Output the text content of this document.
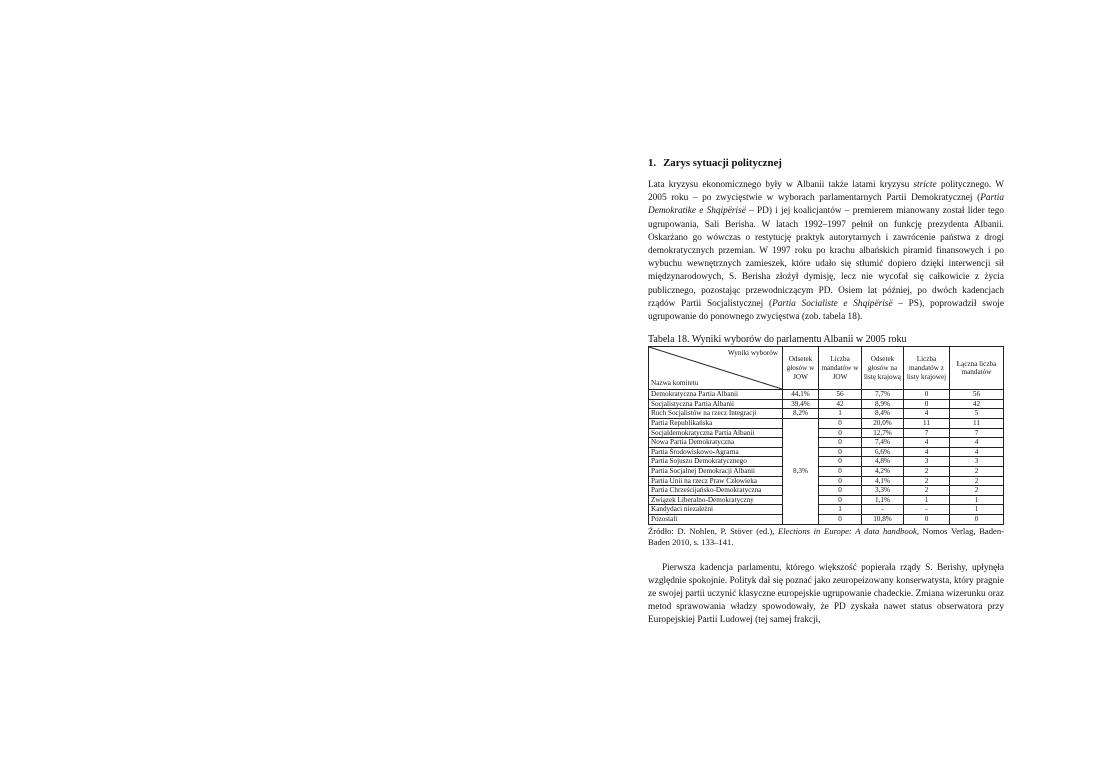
1. Zarys sytuacji politycznej

Lata kryzysu ekonomicznego były w Albanii także latami kryzysu stricte politycznego. W 2005 roku – po zwycięstwie w wyborach parlamentarnych Partii Demokratycznej (Partia Demokratike e Shqipërisë – PD) i jej koalicjantów – premierem mianowany został lider tego ugrupowania, Sali Berisha. W latach 1992–1997 pełnił on funkcję prezydenta Albanii. Oskarżano go wówczas o restytucję praktyk autorytarnych i zawrócenie państwa z drogi demokratycznych przemian. W 1997 roku po krachu albańskich piramid finansowych i po wybuchu wewnętrznych zamieszek, które udało się stłumić dopiero dzięki interwencji sił międzynarodowych, S. Berisha złożył dymisję, lecz nie wycofał się całkowicie z życia publicznego, pozostając przewodniczącym PD. Osiem lat później, po dwóch kadencjach rządów Partii Socjalistycznej (Partia Socialiste e Shqipërisë – PS), poprowadził swoje ugrupowanie do ponownego zwycięstwa (zob. tabela 18).

Tabela 18. Wyniki wyborów do parlamentu Albanii w 2005 roku

Wyniki wyborów
Nazwa komitetu	Odsetek głosów w JOW	Liczba mandatów w JOW	Odsetek głosów na listę krajową	Liczba mandatów z listy krajowej	Łączna liczba mandatów
Demokratyczna Partia Albanii	44,1%	56	7,7%	0	56
Socjalistyczna Partia Albanii	39,4%	42	8,9%	0	42
Ruch Socjalistów na rzecz Integracji	8,2%	1	8,4%	4	5
Partia Republikańska	8,3%	0	20,0%	11	11
Socjaldemokratyczna Partia Albanii		0	12,7%	7	7
Nowa Partia Demokratyczna		0	7,4%	4	4
Partia Środowiskowo-Agrarna		0	6,6%	4	4
Partia Sojuszu Demokratycznego		0	4,8%	3	3
Partia Socjalnej Demokracji Albanii		0	4,2%	2	2
Partia Unii na rzecz Praw Człowieka		0	4,1%	2	2
Partia Chrześcijańsko-Demokratyczna		0	3,3%	2	2
Związek Liberalno-Demokratyczny		0	1,1%	1	1
Kandydaci niezależni		1	-	-	1
Pozostali		0	10,8%	0	0

Źródło: D. Nohlen, P. Stöver (ed.), Elections in Europe: A data handbook, Nomos Verlag, Baden-Baden 2010, s. 133–141.

Pierwsza kadencja parlamentu, którego większość popierała rządy S. Berishy, upłynęła względnie spokojnie. Polityk dał się poznać jako zeuropeizowany konserwatysta, który pragnie ze swojej partii uczynić klasyczne europejskie ugrupowanie chadeckie. Zmiana wizerunku oraz metod sprawowania władzy spowodowały, że PD zyskała nawet status obserwatora przy Europejskiej Partii Ludowej (tej samej frakcji,
